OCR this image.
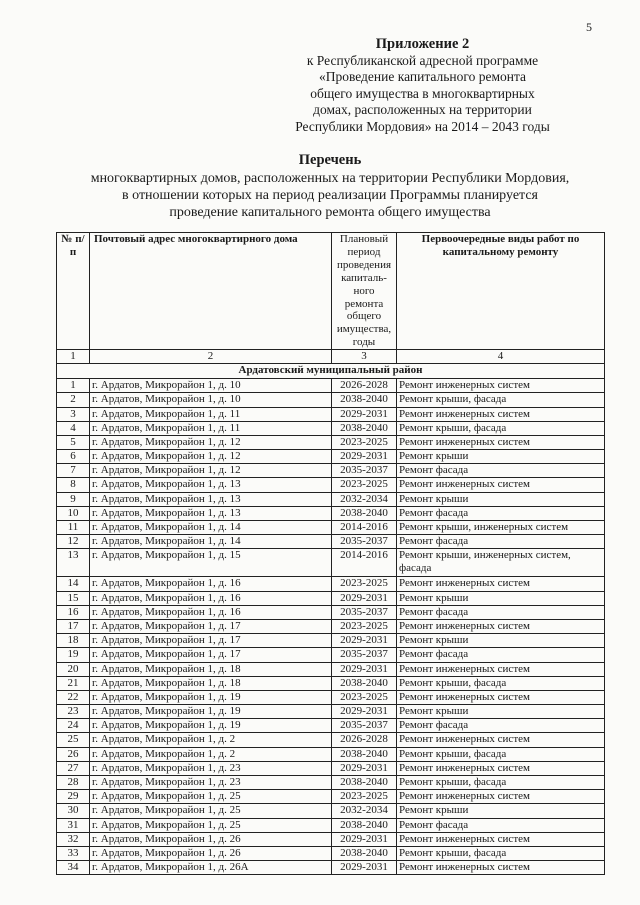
5
Приложение 2
к Республиканской адресной программе
«Проведение капитального ремонта
общего имущества в многоквартирных
домах, расположенных на территории
Республики Мордовия» на 2014 – 2043 годы
Перечень
многоквартирных домов, расположенных на территории Республики Мордовия,
в отношении которых на период реализации Программы планируется
проведение капитального ремонта общего имущества
№ п/п	Почтовый адрес многоквартирного дома	Плановый период проведения капиталь-ного ремонта общего имущества, годы	Первоочередные виды работ по капитальному ремонту
1	2	3	4
Ардатовский муниципальный район			
1	г. Ардатов, Микрорайон 1, д. 10	2026-2028	Ремонт инженерных систем
2	г. Ардатов, Микрорайон 1, д. 10	2038-2040	Ремонт крыши, фасада
3	г. Ардатов, Микрорайон 1, д. 11	2029-2031	Ремонт инженерных систем
4	г. Ардатов, Микрорайон 1, д. 11	2038-2040	Ремонт крыши, фасада
5	г. Ардатов, Микрорайон 1, д. 12	2023-2025	Ремонт инженерных систем
6	г. Ардатов, Микрорайон 1, д. 12	2029-2031	Ремонт крыши
7	г. Ардатов, Микрорайон 1, д. 12	2035-2037	Ремонт фасада
8	г. Ардатов, Микрорайон 1, д. 13	2023-2025	Ремонт инженерных систем
9	г. Ардатов, Микрорайон 1, д. 13	2032-2034	Ремонт крыши
10	г. Ардатов, Микрорайон 1, д. 13	2038-2040	Ремонт фасада
11	г. Ардатов, Микрорайон 1, д. 14	2014-2016	Ремонт крыши, инженерных систем
12	г. Ардатов, Микрорайон 1, д. 14	2035-2037	Ремонт фасада
13	г. Ардатов, Микрорайон 1, д. 15	2014-2016	Ремонт крыши, инженерных систем, фасада
14	г. Ардатов, Микрорайон 1, д. 16	2023-2025	Ремонт инженерных систем
15	г. Ардатов, Микрорайон 1, д. 16	2029-2031	Ремонт крыши
16	г. Ардатов, Микрорайон 1, д. 16	2035-2037	Ремонт фасада
17	г. Ардатов, Микрорайон 1, д. 17	2023-2025	Ремонт инженерных систем
18	г. Ардатов, Микрорайон 1, д. 17	2029-2031	Ремонт крыши
19	г. Ардатов, Микрорайон 1, д. 17	2035-2037	Ремонт фасада
20	г. Ардатов, Микрорайон 1, д. 18	2029-2031	Ремонт инженерных систем
21	г. Ардатов, Микрорайон 1, д. 18	2038-2040	Ремонт крыши, фасада
22	г. Ардатов, Микрорайон 1, д. 19	2023-2025	Ремонт инженерных систем
23	г. Ардатов, Микрорайон 1, д. 19	2029-2031	Ремонт крыши
24	г. Ардатов, Микрорайон 1, д. 19	2035-2037	Ремонт фасада
25	г. Ардатов, Микрорайон 1, д. 2	2026-2028	Ремонт инженерных систем
26	г. Ардатов, Микрорайон 1, д. 2	2038-2040	Ремонт крыши, фасада
27	г. Ардатов, Микрорайон 1, д. 23	2029-2031	Ремонт инженерных систем
28	г. Ардатов, Микрорайон 1, д. 23	2038-2040	Ремонт крыши, фасада
29	г. Ардатов, Микрорайон 1, д. 25	2023-2025	Ремонт инженерных систем
30	г. Ардатов, Микрорайон 1, д. 25	2032-2034	Ремонт крыши
31	г. Ардатов, Микрорайон 1, д. 25	2038-2040	Ремонт фасада
32	г. Ардатов, Микрорайон 1, д. 26	2029-2031	Ремонт инженерных систем
33	г. Ардатов, Микрорайон 1, д. 26	2038-2040	Ремонт крыши, фасада
34	г. Ардатов, Микрорайон 1, д. 26А	2029-2031	Ремонт инженерных систем
